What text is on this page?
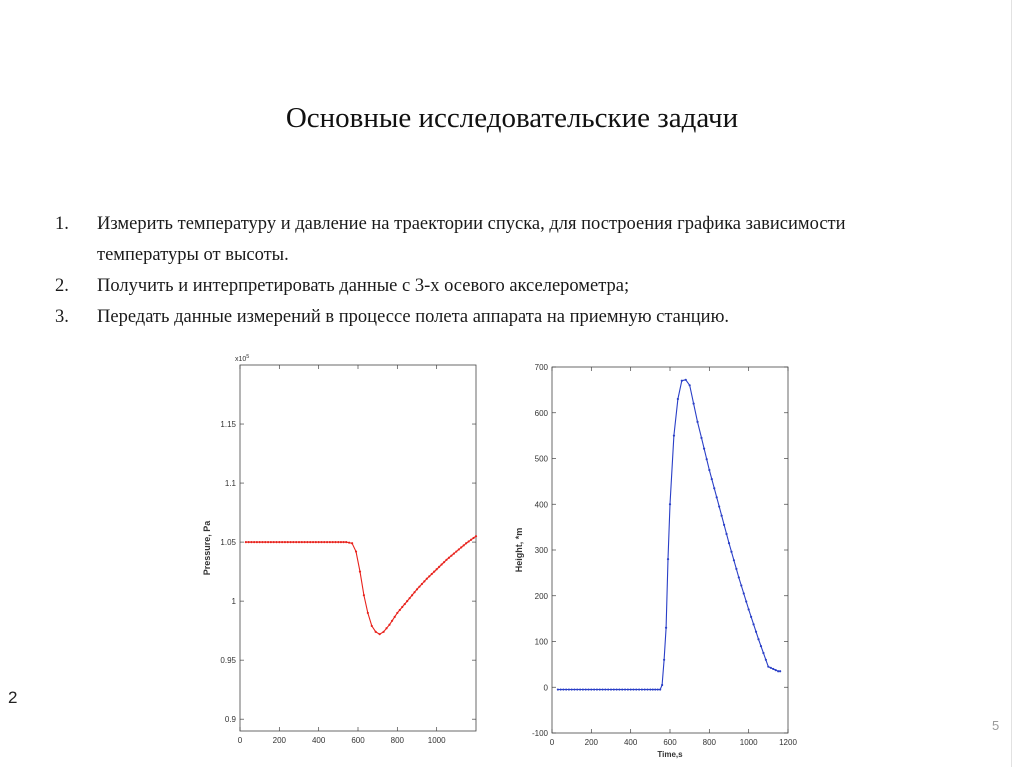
Основные исследовательские задачи
1.	Измерить температуру и давление на траектории спуска, для построения графика зависимости температуры от высоты.
2.	Получить и интерпретировать данные с 3-х осевого акселерометра;
3.	Передать данные измерений в процессе полета аппарата на приемную станцию.
0	200	400	600	800	1000
0.9
0.95
1
1.05
1.1
1.15
Pressure, Pa
$x10^5$
0	200	400	600	800	1000	1200
-100
0
100
200
300
400
500
600
700
Height, *m
Time,s
2
5
